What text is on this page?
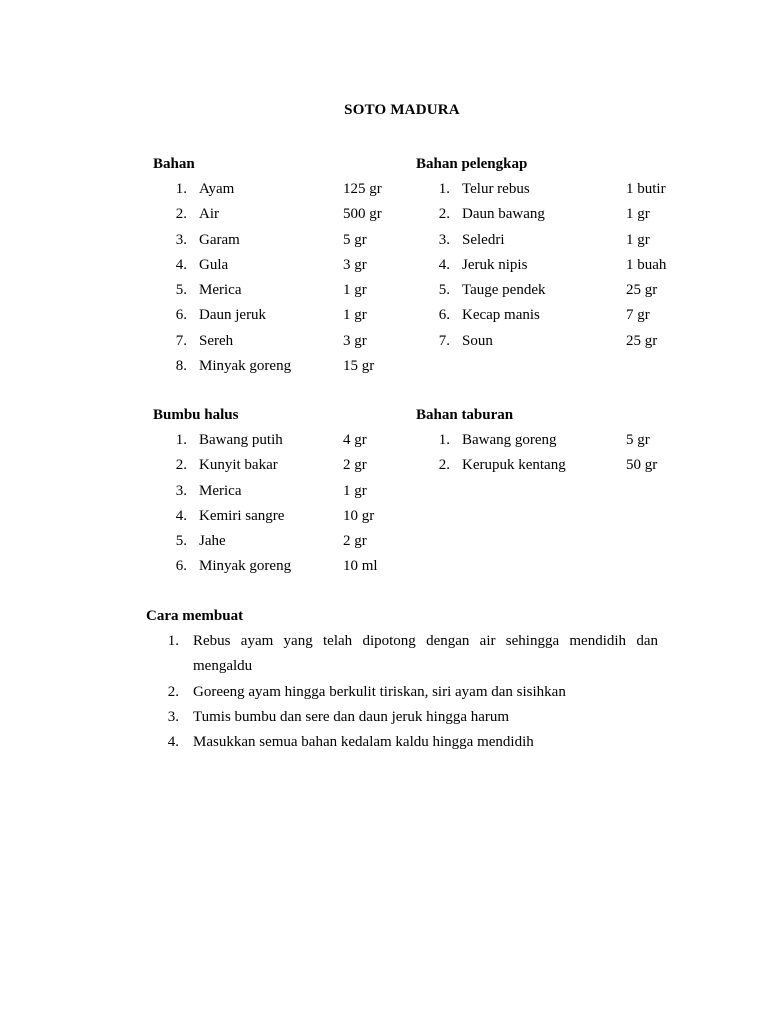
SOTO MADURA
Bahan
1. Ayam	125 gr
2. Air	500 gr
3. Garam	5 gr
4. Gula	3 gr
5. Merica	1 gr
6. Daun jeruk	1 gr
7. Sereh	3 gr
8. Minyak goreng	15 gr
Bahan pelengkap
1. Telur rebus	1 butir
2. Daun bawang	1 gr
3. Seledri	1 gr
4. Jeruk nipis	1 buah
5. Tauge pendek	25 gr
6. Kecap manis	7 gr
7. Soun	25 gr
Bumbu halus
1. Bawang putih	4 gr
2. Kunyit bakar	2 gr
3. Merica	1 gr
4. Kemiri sangre	10 gr
5. Jahe	2 gr
6. Minyak goreng	10 ml
Bahan taburan
1. Bawang goreng	5 gr
2. Kerupuk kentang	50 gr
Cara membuat
1. Rebus ayam yang telah dipotong dengan air sehingga mendidih dan mengaldu
2. Goreeng ayam hingga berkulit tiriskan, siri ayam dan sisihkan
3. Tumis bumbu dan sere dan daun jeruk hingga harum
4. Masukkan semua bahan kedalam kaldu hingga mendidih
